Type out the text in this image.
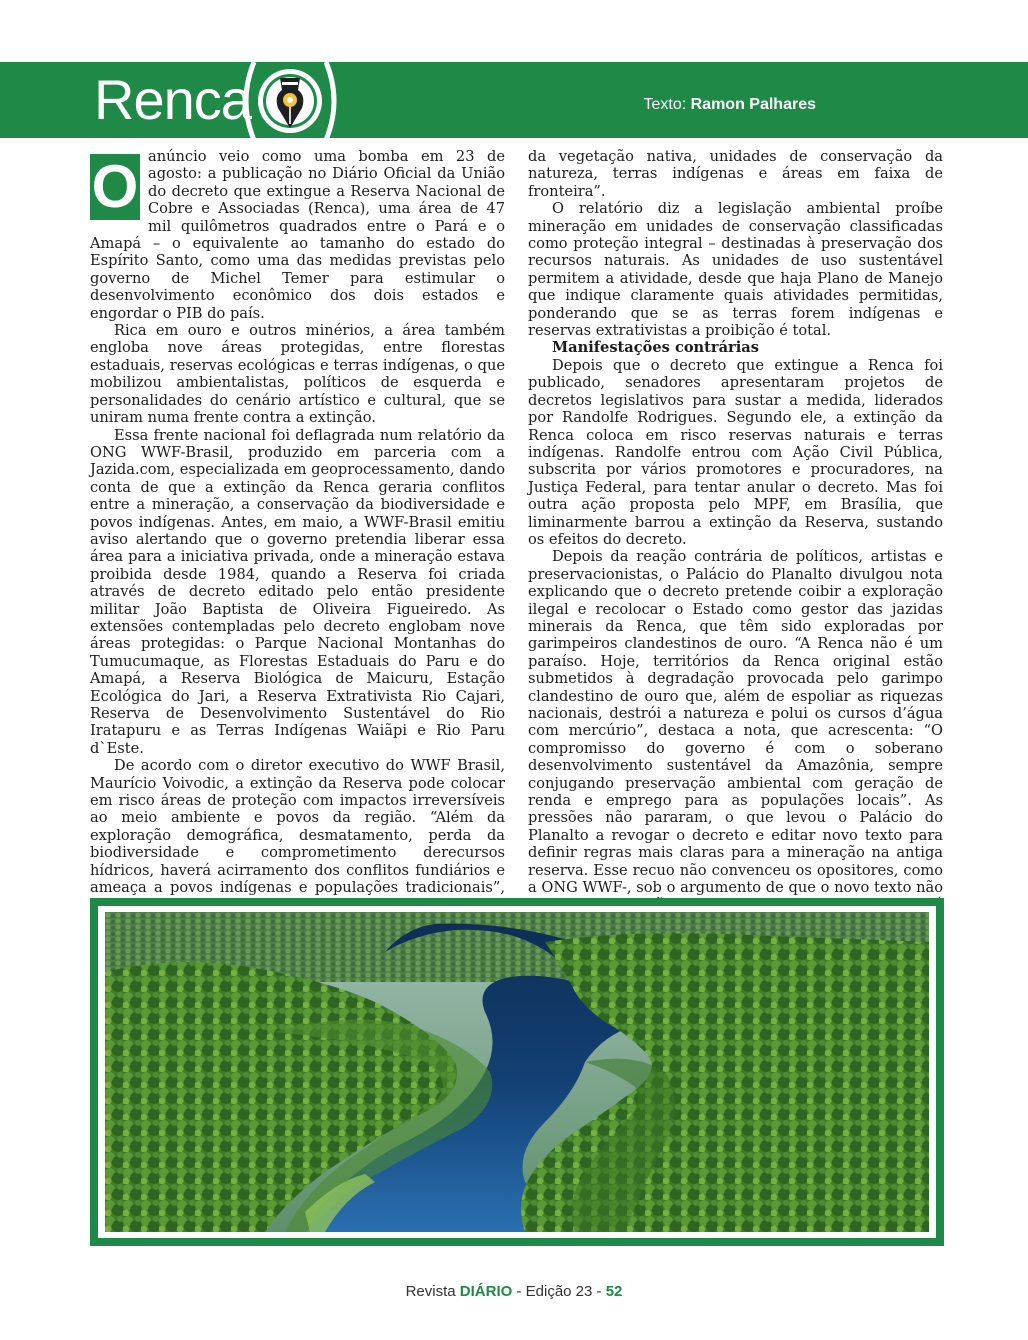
Renca	Texto: Ramon Palhares
O anúncio veio como uma bomba em 23 de agosto: a publicação no Diário Oficial da União do decreto que extingue a Reserva Nacional de Cobre e Associadas (Renca), uma área de 47 mil quilômetros quadrados entre o Pará e o Amapá – o equivalente ao tamanho do estado do Espírito Santo, como uma das medidas previstas pelo governo de Michel Temer para estimular o desenvolvimento econômico dos dois estados e engordar o PIB do país.

Rica em ouro e outros minérios, a área também engloba nove áreas protegidas, entre florestas estaduais, reservas ecológicas e terras indígenas, o que mobilizou ambientalistas, políticos de esquerda e personalidades do cenário artístico e cultural, que se uniram numa frente contra a extinção.

Essa frente nacional foi deflagrada num relatório da ONG WWF-Brasil, produzido em parceria com a Jazida.com, especializada em geoprocessamento, dando conta de que a extinção da Renca geraria conflitos entre a mineração, a conservação da biodiversidade e povos indígenas. Antes, em maio, a WWF-Brasil emitiu aviso alertando que o governo pretendia liberar essa área para a iniciativa privada, onde a mineração estava proibida desde 1984, quando a Reserva foi criada através de decreto editado pelo então presidente militar João Baptista de Oliveira Figueiredo. As extensões contempladas pelo decreto englobam nove áreas protegidas: o Parque Nacional Montanhas do Tumucumaque, as Florestas Estaduais do Paru e do Amapá, a Reserva Biológica de Maicuru, Estação Ecológica do Jari, a Reserva Extrativista Rio Cajari, Reserva de Desenvolvimento Sustentável do Rio Iratapuru e as Terras Indígenas Waiãpi e Rio Paru d`Este.

De acordo com o diretor executivo do WWF Brasil, Maurício Voivodic, a extinção da Reserva pode colocar em risco áreas de proteção com impactos irreversíveis ao meio ambiente e povos da região. “Além da exploração demográfica, desmatamento, perda da biodiversidade e comprometimento derecursos hídricos, haverá acirramento dos conflitos fundiários e ameaça a povos indígenas e populações tradicionais”,

da vegetação nativa, unidades de conservação da natureza, terras indígenas e áreas em faixa de fronteira”.

O relatório diz a legislação ambiental proíbe mineração em unidades de conservação classificadas como proteção integral – destinadas à preservação dos recursos naturais. As unidades de uso sustentável permitem a atividade, desde que haja Plano de Manejo que indique claramente quais atividades permitidas, ponderando que se as terras forem indígenas e reservas extrativistas a proibição é total.

Manifestações contrárias

Depois que o decreto que extingue a Renca foi publicado, senadores apresentaram projetos de decretos legislativos para sustar a medida, liderados por Randolfe Rodrigues. Segundo ele, a extinção da Renca coloca em risco reservas naturais e terras indígenas. Randolfe entrou com Ação Civil Pública, subscrita por vários promotores e procuradores, na Justiça Federal, para tentar anular o decreto. Mas foi outra ação proposta pelo MPF, em Brasília, que liminarmente barrou a extinção da Reserva, sustando os efeitos do decreto.

Depois da reação contrária de políticos, artistas e preservacionistas, o Palácio do Planalto divulgou nota explicando que o decreto pretende coibir a exploração ilegal e recolocar o Estado como gestor das jazidas minerais da Renca, que têm sido exploradas por garimpeiros clandestinos de ouro. “A Renca não é um paraíso. Hoje, territórios da Renca original estão submetidos à degradação provocada pelo garimpo clandestino de ouro que, além de espoliar as riquezas nacionais, destrói a natureza e polui os cursos d’água com mercúrio”, destaca a nota, que acrescenta: “O compromisso do governo é com o soberano desenvolvimento sustentável da Amazônia, sempre conjugando preservação ambiental com geração de renda e emprego para as populações locais”. As pressões não pararam, o que levou o Palácio do Planalto a revogar o decreto e editar novo texto para definir regras mais claras para a mineração na antiga reserva. Esse recuo não convenceu os opositores, como a ONG WWF-, sob o argumento de que o novo texto não

Revista DIÁRIO - Edição 23 - 52
